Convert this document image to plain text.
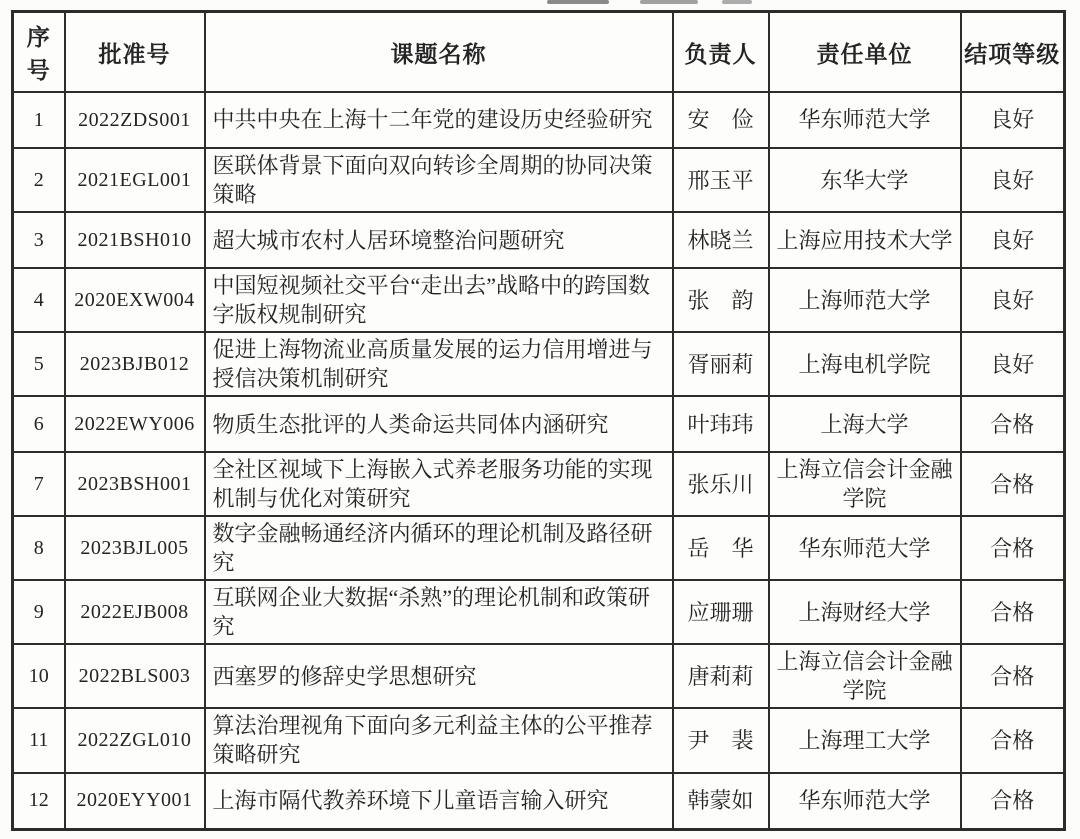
序号	批准号	课题名称	负责人	责任单位	结项等级
1	2022ZDS001	中共中央在上海十二年党的建设历史经验研究	安　俭	华东师范大学	良好
2	2021EGL001	医联体背景下面向双向转诊全周期的协同决策策略	邢玉平	东华大学	良好
3	2021BSH010	超大城市农村人居环境整治问题研究	林晓兰	上海应用技术大学	良好
4	2020EXW004	中国短视频社交平台“走出去”战略中的跨国数字版权规制研究	张　韵	上海师范大学	良好
5	2023BJB012	促进上海物流业高质量发展的运力信用增进与授信决策机制研究	胥丽莉	上海电机学院	良好
6	2022EWY006	物质生态批评的人类命运共同体内涵研究	叶玮玮	上海大学	合格
7	2023BSH001	全社区视域下上海嵌入式养老服务功能的实现机制与优化对策研究	张乐川	上海立信会计金融学院	合格
8	2023BJL005	数字金融畅通经济内循环的理论机制及路径研究	岳　华	华东师范大学	合格
9	2022EJB008	互联网企业大数据“杀熟”的理论机制和政策研究	应珊珊	上海财经大学	合格
10	2022BLS003	西塞罗的修辞史学思想研究	唐莉莉	上海立信会计金融学院	合格
11	2022ZGL010	算法治理视角下面向多元利益主体的公平推荐策略研究	尹　裴	上海理工大学	合格
12	2020EYY001	上海市隔代教养环境下儿童语言输入研究	韩蒙如	华东师范大学	合格
